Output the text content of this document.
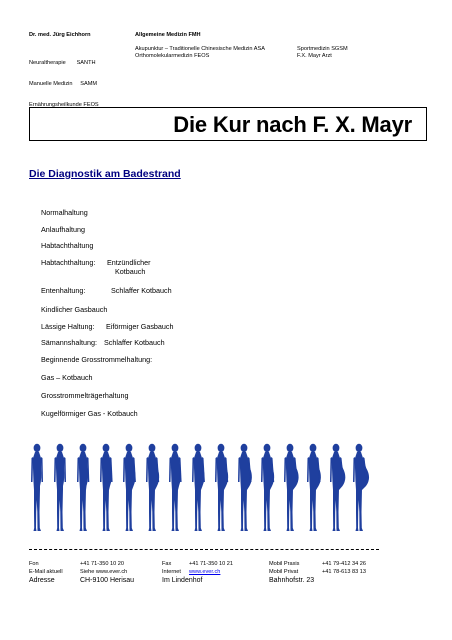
Dr. med. Jürg Eichhorn	Allgemeine Medizin FMH

Neuraltherapie       SANTH

Manuelle Medizin     SAMM

Ernährungsheilkunde FEOS

Akupunktur – Traditionelle Chinesische Medizin ASA
Orthomolekularmedizin FEOS
Sportmedizin SGSM
F.X. Mayr Arzt
Die Kur nach F. X. Mayr
Die Diagnostik am Badestrand
Normalhaltung
Anlaufhaltung
Habtachthaltung
Habtachthaltung: Entzündlicher
Kotbauch
Entenhaltung:	Schlaffer Kotbauch
Kindlicher Gasbauch
Lässige Haltung: Eiförmiger Gasbauch
Sämannshaltung: Schlaffer Kotbauch
Beginnende Grosstrommelhaltung:
Gas – Kotbauch
Grosstrommelträgerhaltung
Kugelförmiger Gas - Kotbauch
Fon	+41 71-350 10 20	Fax	+41 71-350 10 21	Mobil Praxis	+41 79-412 34 26
E-Mail aktuell	Siehe www.ever.ch	Internet www.ever.ch	Mobil Privat	+41 78-613 83 13
Adresse	CH-9100 Herisau	Im Lindenhof	Bahnhofstr. 23
